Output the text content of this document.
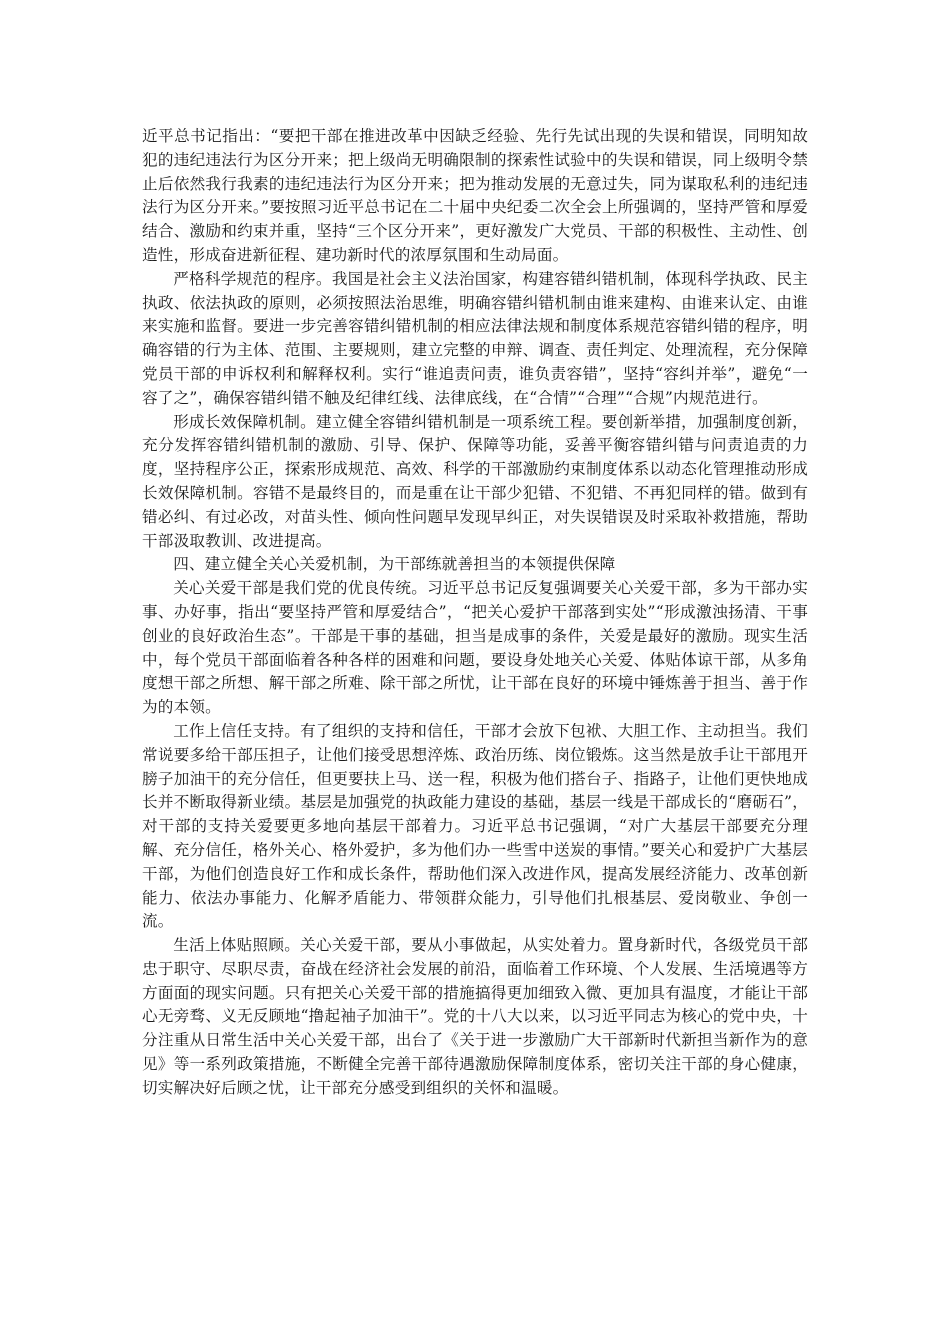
近平总书记指出：“要把干部在推进改革中因缺乏经验、先行先试出现的失误和错误，同明知故犯的违纪违法行为区分开来；把上级尚无明确限制的探索性试验中的失误和错误，同上级明令禁止后依然我行我素的违纪违法行为区分开来；把为推动发展的无意过失，同为谋取私利的违纪违法行为区分开来。”要按照习近平总书记在二十届中央纪委二次全会上所强调的，坚持严管和厚爱结合、激励和约束并重，坚持“三个区分开来”，更好激发广大党员、干部的积极性、主动性、创造性，形成奋进新征程、建功新时代的浓厚氛围和生动局面。

严格科学规范的程序。我国是社会主义法治国家，构建容错纠错机制，体现科学执政、民主执政、依法执政的原则，必须按照法治思维，明确容错纠错机制由谁来建构、由谁来认定、由谁来实施和监督。要进一步完善容错纠错机制的相应法律法规和制度体系规范容错纠错的程序，明确容错的行为主体、范围、主要规则，建立完整的申辩、调查、责任判定、处理流程，充分保障党员干部的申诉权利和解释权利。实行“谁追责问责，谁负责容错”，坚持“容纠并举”，避免“一容了之”，确保容错纠错不触及纪律红线、法律底线，在“合情”“合理”“合规”内规范进行。

形成长效保障机制。建立健全容错纠错机制是一项系统工程。要创新举措，加强制度创新，充分发挥容错纠错机制的激励、引导、保护、保障等功能，妥善平衡容错纠错与问责追责的力度，坚持程序公正，探索形成规范、高效、科学的干部激励约束制度体系以动态化管理推动形成长效保障机制。容错不是最终目的，而是重在让干部少犯错、不犯错、不再犯同样的错。做到有错必纠、有过必改，对苗头性、倾向性问题早发现早纠正，对失误错误及时采取补救措施，帮助干部汲取教训、改进提高。

四、建立健全关心关爱机制，为干部练就善担当的本领提供保障

关心关爱干部是我们党的优良传统。习近平总书记反复强调要关心关爱干部，多为干部办实事、办好事，指出“要坚持严管和厚爱结合”，“把关心爱护干部落到实处”“形成激浊扬清、干事创业的良好政治生态”。干部是干事的基础，担当是成事的条件，关爱是最好的激励。现实生活中，每个党员干部面临着各种各样的困难和问题，要设身处地关心关爱、体贴体谅干部，从多角度想干部之所想、解干部之所难、除干部之所忧，让干部在良好的环境中锤炼善于担当、善于作为的本领。

工作上信任支持。有了组织的支持和信任，干部才会放下包袱、大胆工作、主动担当。我们常说要多给干部压担子，让他们接受思想淬炼、政治历练、岗位锻炼。这当然是放手让干部甩开膀子加油干的充分信任，但更要扶上马、送一程，积极为他们搭台子、指路子，让他们更快地成长并不断取得新业绩。基层是加强党的执政能力建设的基础，基层一线是干部成长的“磨砺石”，对干部的支持关爱要更多地向基层干部着力。习近平总书记强调，“对广大基层干部要充分理解、充分信任，格外关心、格外爱护，多为他们办一些雪中送炭的事情。”要关心和爱护广大基层干部，为他们创造良好工作和成长条件，帮助他们深入改进作风，提高发展经济能力、改革创新能力、依法办事能力、化解矛盾能力、带领群众能力，引导他们扎根基层、爱岗敬业、争创一流。

生活上体贴照顾。关心关爱干部，要从小事做起，从实处着力。置身新时代，各级党员干部忠于职守、尽职尽责，奋战在经济社会发展的前沿，面临着工作环境、个人发展、生活境遇等方方面面的现实问题。只有把关心关爱干部的措施搞得更加细致入微、更加具有温度，才能让干部心无旁骛、义无反顾地“撸起袖子加油干”。党的十八大以来，以习近平同志为核心的党中央，十分注重从日常生活中关心关爱干部，出台了《关于进一步激励广大干部新时代新担当新作为的意见》等一系列政策措施，不断健全完善干部待遇激励保障制度体系，密切关注干部的身心健康，切实解决好后顾之忧，让干部充分感受到组织的关怀和温暖。
